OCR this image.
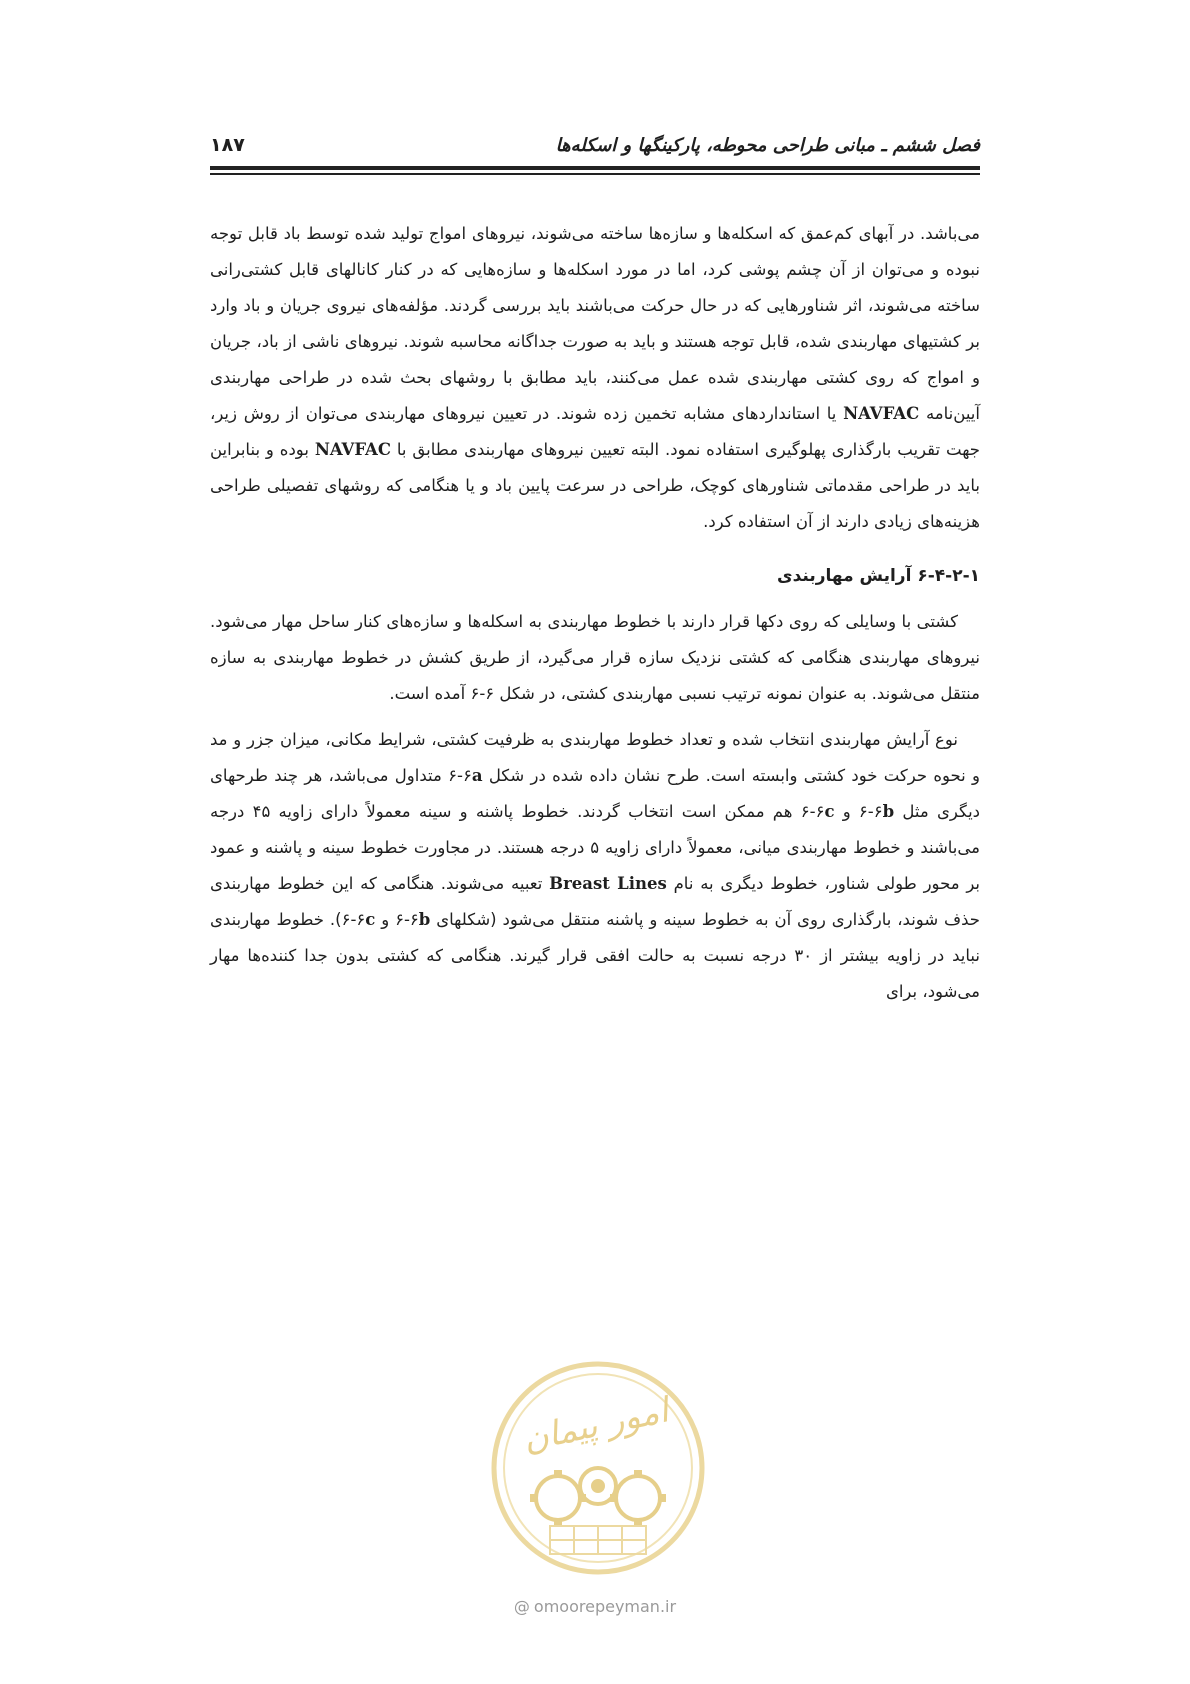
فصل ششم ـ مبانی طراحی محوطه، پارکینگها و اسکله‌ها
۱۸۷

می‌باشد. در آبهای کم‌عمق که اسکله‌ها و سازه‌ها ساخته می‌شوند، نیروهای امواج تولید شده توسط باد قابل توجه نبوده و می‌توان از آن چشم پوشی کرد، اما در مورد اسکله‌ها و سازه‌هایی که در کنار کانالهای قابل کشتی‌رانی ساخته می‌شوند، اثر شناورهایی که در حال حرکت می‌باشند باید بررسی گردند. مؤلفه‌های نیروی جریان و باد وارد بر کشتیهای مهاربندی شده، قابل توجه هستند و باید به صورت جداگانه محاسبه شوند. نیروهای ناشی از باد، جریان و امواج که روی کشتی مهاربندی شده عمل می‌کنند، باید مطابق با روشهای بحث شده در طراحی مهاربندی آیین‌نامه NAVFAC یا استانداردهای مشابه تخمین زده شوند. در تعیین نیروهای مهاربندی می‌توان از روش زیر، جهت تقریب بارگذاری پهلوگیری استفاده نمود. البته تعیین نیروهای مهاربندی مطابق با NAVFAC بوده و بنابراین باید در طراحی مقدماتی شناورهای کوچک، طراحی در سرعت پایین باد و یا هنگامی که روشهای تفصیلی طراحی هزینه‌های زیادی دارند از آن استفاده کرد.

۶-۴-۲-۱ آرایش مهاربندی

کشتی با وسایلی که روی دکها قرار دارند با خطوط مهاربندی به اسکله‌ها و سازه‌های کنار ساحل مهار می‌شود. نیروهای مهاربندی هنگامی که کشتی نزدیک سازه قرار می‌گیرد، از طریق کشش در خطوط مهاربندی به سازه منتقل می‌شوند. به عنوان نمونه ترتیب نسبی مهاربندی کشتی، در شکل ۶-۶ آمده است.

نوع آرایش مهاربندی انتخاب شده و تعداد خطوط مهاربندی به ظرفیت کشتی، شرایط مکانی، میزان جزر و مد و نحوه حرکت خود کشتی وابسته است. طرح نشان داده شده در شکل a۶-۶ متداول می‌باشد، هر چند طرحهای دیگری مثل b۶-۶ و c۶-۶ هم ممکن است انتخاب گردند. خطوط پاشنه و سینه معمولاً دارای زاویه ۴۵ درجه می‌باشند و خطوط مهاربندی میانی، معمولاً دارای زاویه ۵ درجه هستند. در مجاورت خطوط سینه و پاشنه و عمود بر محور طولی شناور، خطوط دیگری به نام Breast Lines تعبیه می‌شوند. هنگامی که این خطوط مهاربندی حذف شوند، بارگذاری روی آن به خطوط سینه و پاشنه منتقل می‌شود (شکلهای b۶-۶ و c۶-۶). خطوط مهاربندی نباید در زاویه بیشتر از ۳۰ درجه نسبت به حالت افقی قرار گیرند. هنگامی که کشتی بدون جدا کننده‌ها مهار می‌شود، برای

امور پیمان
@ omoorepeyman.ir
